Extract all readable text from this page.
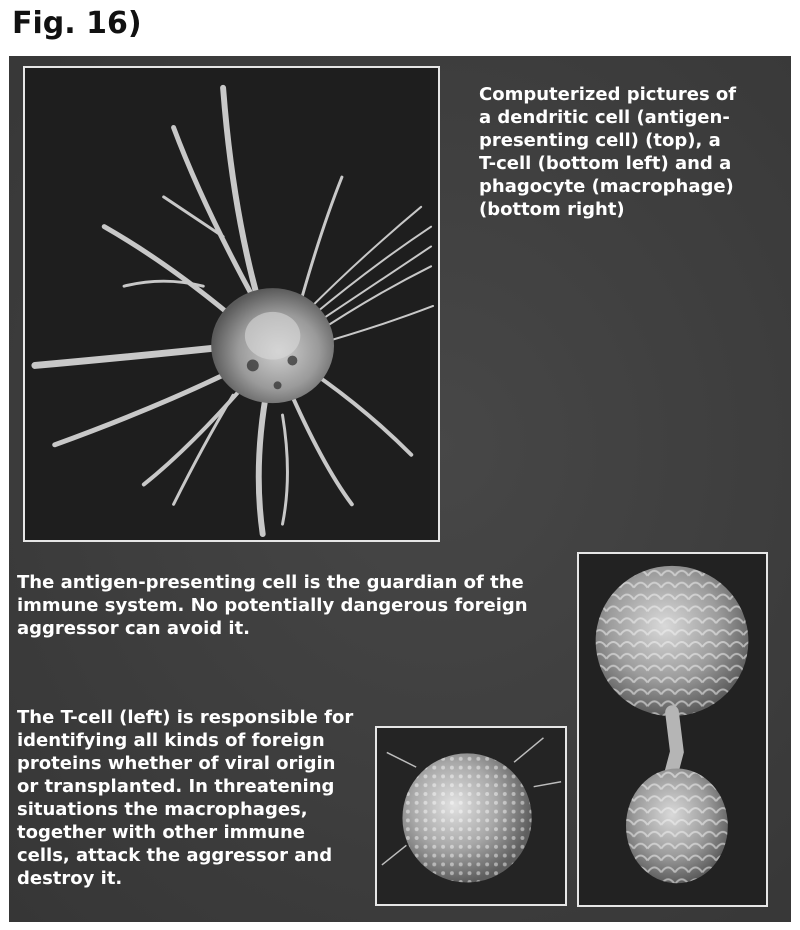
Fig. 16)

Computerized pictures of
a dendritic cell (antigen-
presenting cell) (top), a
T-cell (bottom left) and a
phagocyte (macrophage)
(bottom right)

The antigen-presenting cell is the guardian of the
immune system. No potentially dangerous foreign
aggressor can avoid it.

The T-cell (left) is responsible for
identifying all kinds of foreign
proteins whether of viral origin
or transplanted. In threatening
situations the macrophages,
together with other immune
cells, attack the aggressor and
destroy it.
